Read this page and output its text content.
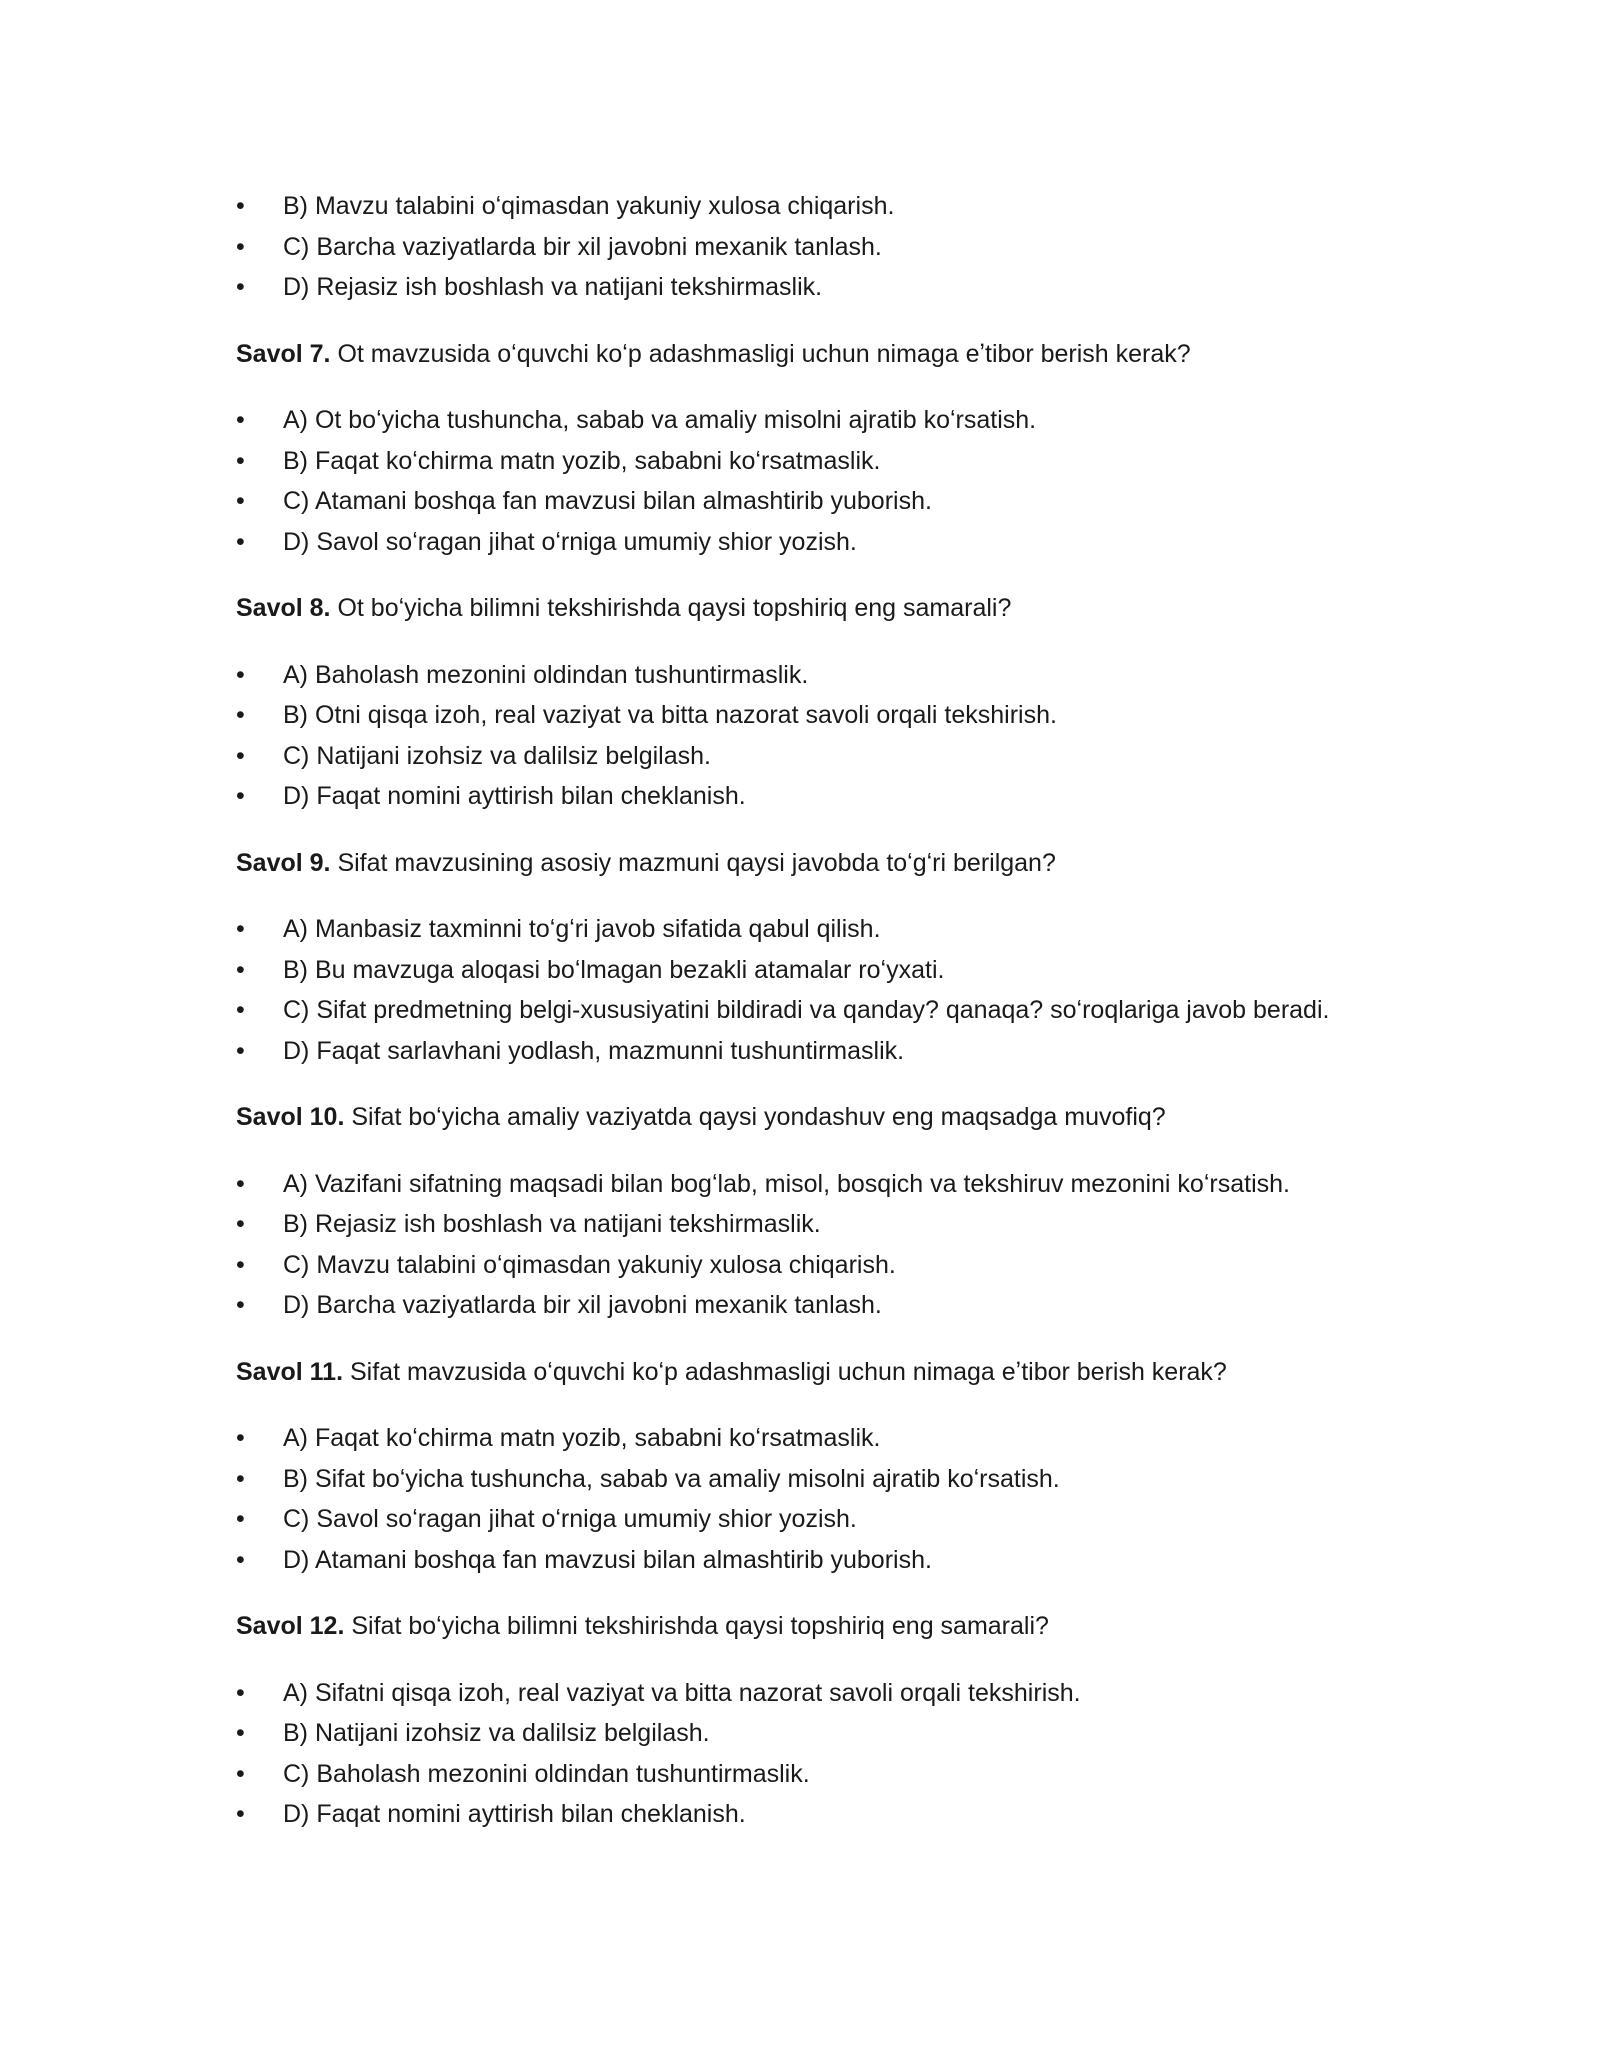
• B) Mavzu talabini oʻqimasdan yakuniy xulosa chiqarish.
• C) Barcha vaziyatlarda bir xil javobni mexanik tanlash.
• D) Rejasiz ish boshlash va natijani tekshirmaslik.

Savol 7. Ot mavzusida oʻquvchi koʻp adashmasligi uchun nimaga eʼtibor berish kerak?

• A) Ot boʻyicha tushuncha, sabab va amaliy misolni ajratib koʻrsatish.
• B) Faqat koʻchirma matn yozib, sababni koʻrsatmaslik.
• C) Atamani boshqa fan mavzusi bilan almashtirib yuborish.
• D) Savol soʻragan jihat oʻrniga umumiy shior yozish.

Savol 8. Ot boʻyicha bilimni tekshirishda qaysi topshiriq eng samarali?

• A) Baholash mezonini oldindan tushuntirmaslik.
• B) Otni qisqa izoh, real vaziyat va bitta nazorat savoli orqali tekshirish.
• C) Natijani izohsiz va dalilsiz belgilash.
• D) Faqat nomini ayttirish bilan cheklanish.

Savol 9. Sifat mavzusining asosiy mazmuni qaysi javobda toʻgʻri berilgan?

• A) Manbasiz taxminni toʻgʻri javob sifatida qabul qilish.
• B) Bu mavzuga aloqasi boʻlmagan bezakli atamalar roʻyxati.
• C) Sifat predmetning belgi-xususiyatini bildiradi va qanday? qanaqa? soʻroqlariga javob beradi.
• D) Faqat sarlavhani yodlash, mazmunni tushuntirmaslik.

Savol 10. Sifat boʻyicha amaliy vaziyatda qaysi yondashuv eng maqsadga muvofiq?

• A) Vazifani sifatning maqsadi bilan bogʻlab, misol, bosqich va tekshiruv mezonini koʻrsatish.
• B) Rejasiz ish boshlash va natijani tekshirmaslik.
• C) Mavzu talabini oʻqimasdan yakuniy xulosa chiqarish.
• D) Barcha vaziyatlarda bir xil javobni mexanik tanlash.

Savol 11. Sifat mavzusida oʻquvchi koʻp adashmasligi uchun nimaga eʼtibor berish kerak?

• A) Faqat koʻchirma matn yozib, sababni koʻrsatmaslik.
• B) Sifat boʻyicha tushuncha, sabab va amaliy misolni ajratib koʻrsatish.
• C) Savol soʻragan jihat oʻrniga umumiy shior yozish.
• D) Atamani boshqa fan mavzusi bilan almashtirib yuborish.

Savol 12. Sifat boʻyicha bilimni tekshirishda qaysi topshiriq eng samarali?

• A) Sifatni qisqa izoh, real vaziyat va bitta nazorat savoli orqali tekshirish.
• B) Natijani izohsiz va dalilsiz belgilash.
• C) Baholash mezonini oldindan tushuntirmaslik.
• D) Faqat nomini ayttirish bilan cheklanish.
